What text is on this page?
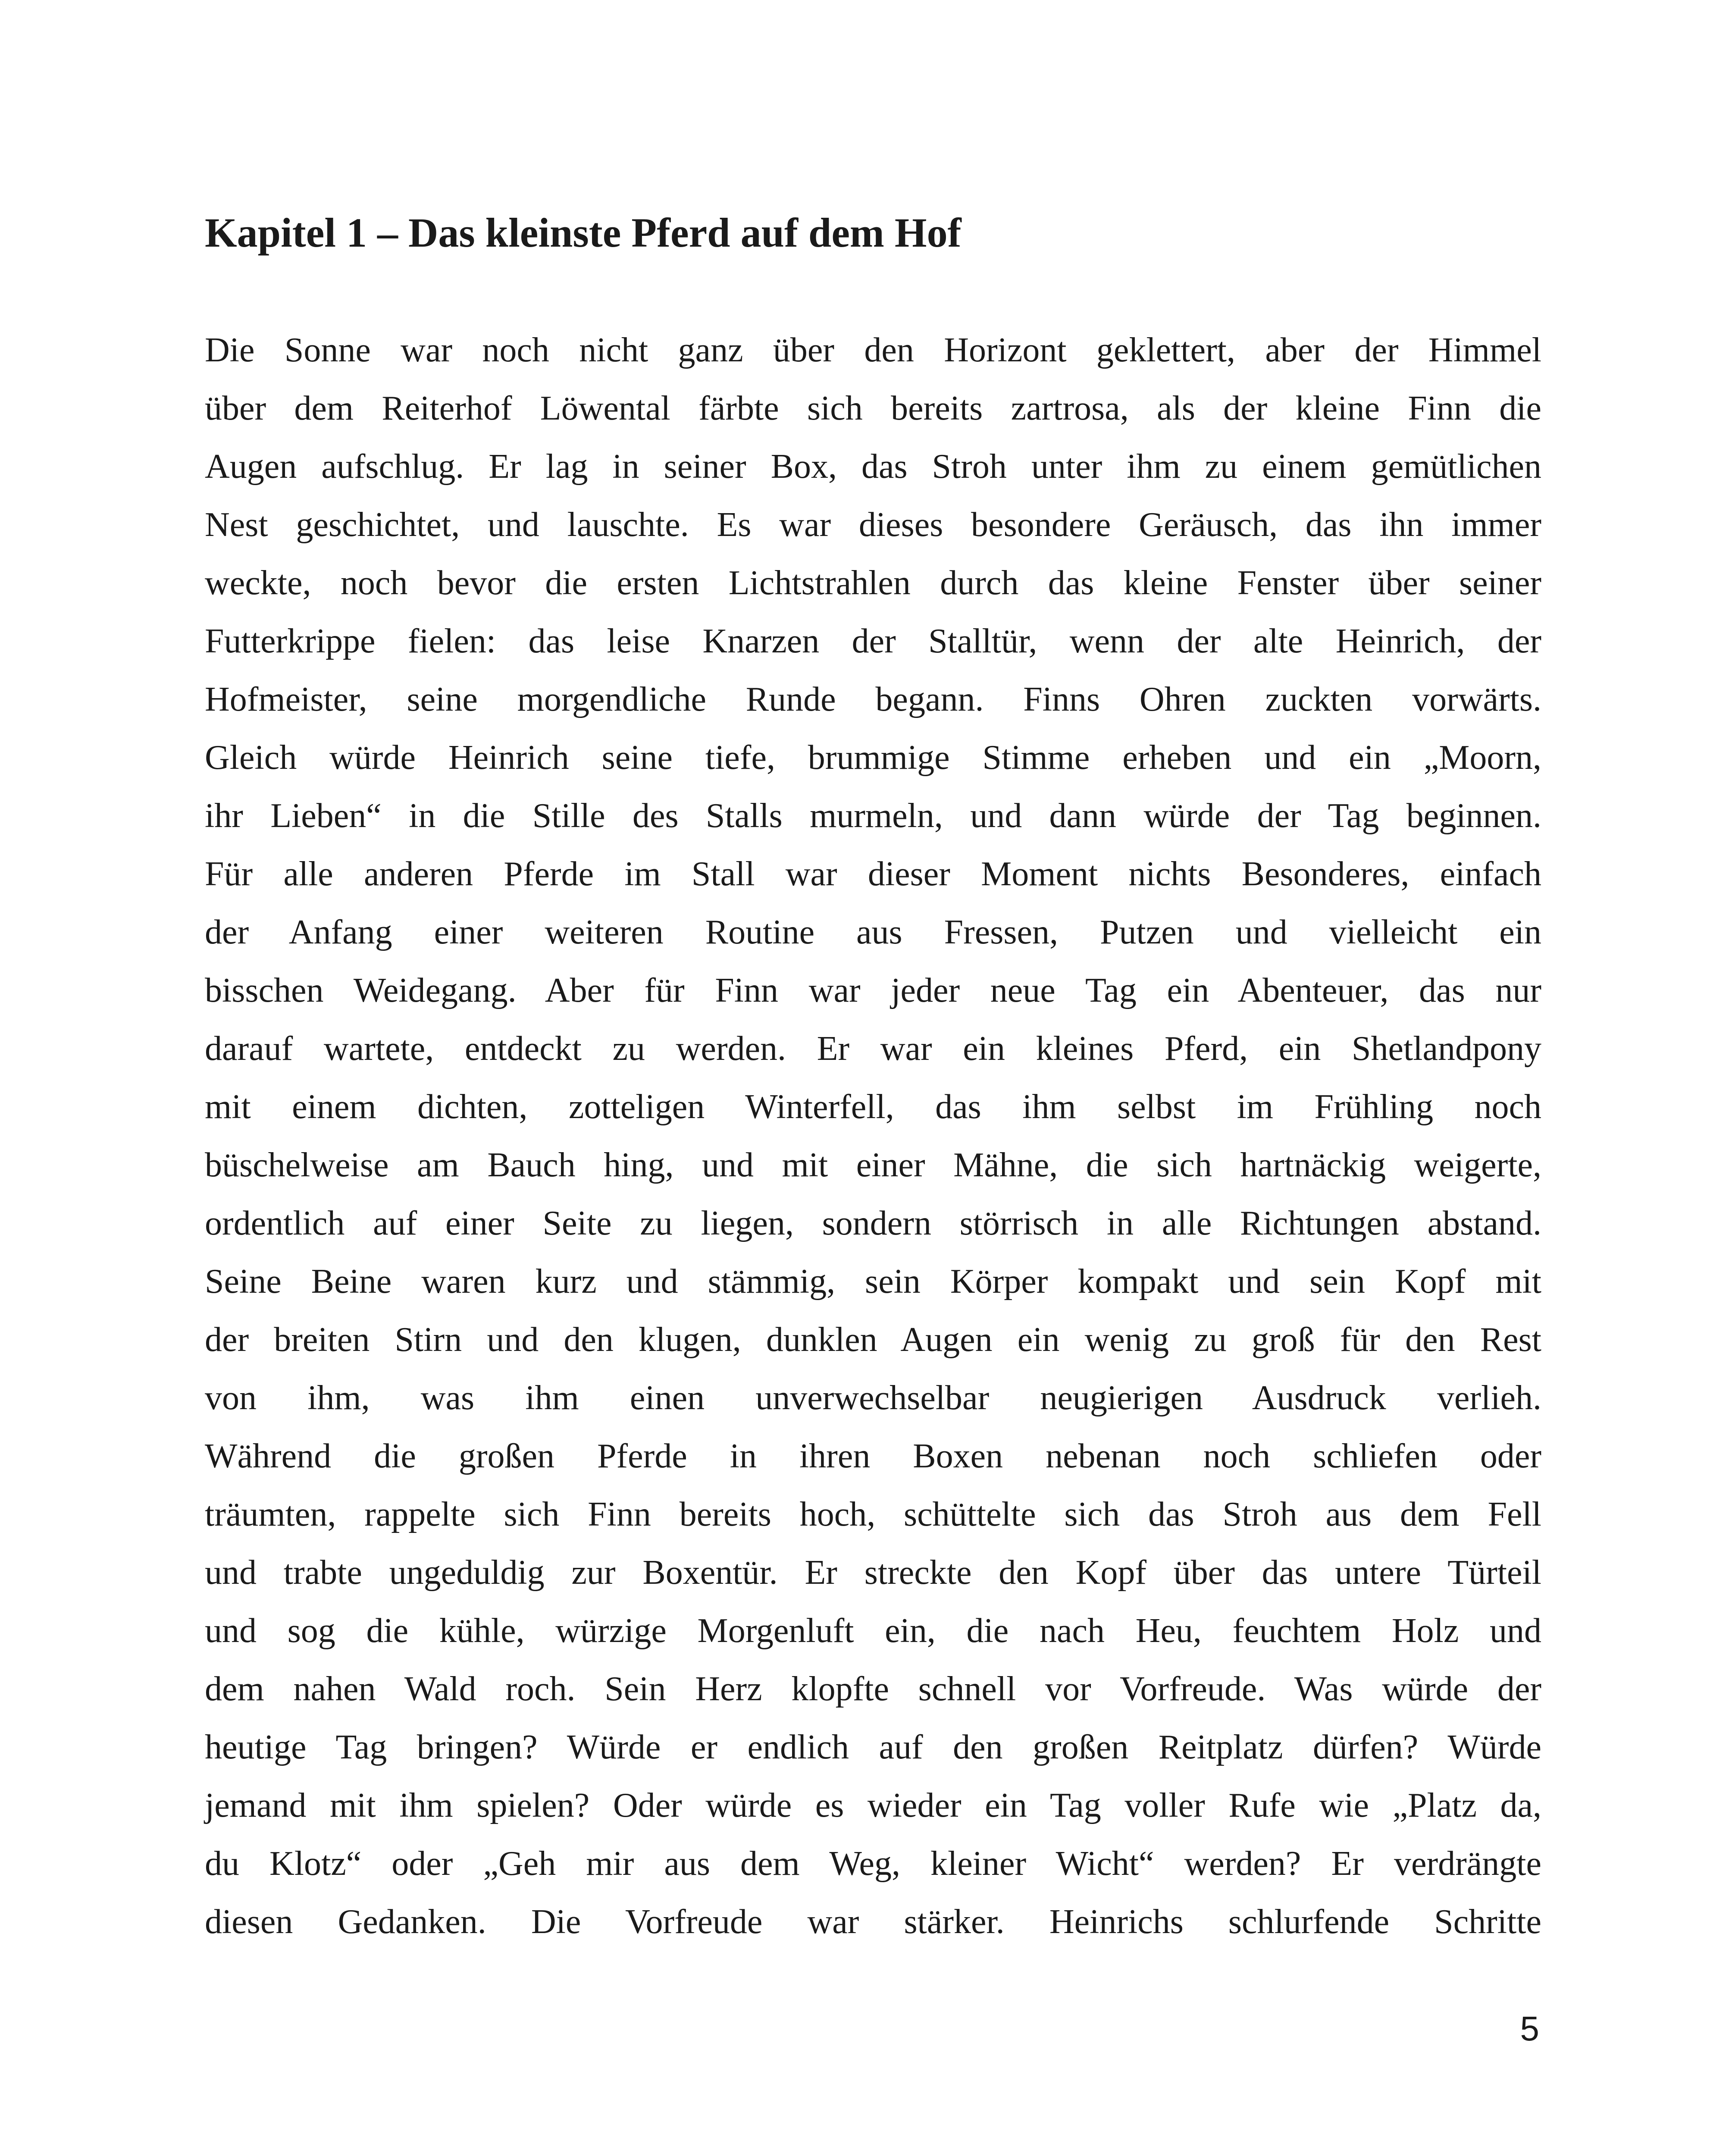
Kapitel 1 – Das kleinste Pferd auf dem Hof
Die Sonne war noch nicht ganz über den Horizont geklettert, aber der Himmel
über dem Reiterhof Löwental färbte sich bereits zartrosa, als der kleine Finn die
Augen aufschlug. Er lag in seiner Box, das Stroh unter ihm zu einem gemütlichen
Nest geschichtet, und lauschte. Es war dieses besondere Geräusch, das ihn immer
weckte, noch bevor die ersten Lichtstrahlen durch das kleine Fenster über seiner
Futterkrippe fielen: das leise Knarzen der Stalltür, wenn der alte Heinrich, der
Hofmeister, seine morgendliche Runde begann. Finns Ohren zuckten vorwärts.
Gleich würde Heinrich seine tiefe, brummige Stimme erheben und ein „Moorn,
ihr Lieben“ in die Stille des Stalls murmeln, und dann würde der Tag beginnen.
Für alle anderen Pferde im Stall war dieser Moment nichts Besonderes, einfach
der Anfang einer weiteren Routine aus Fressen, Putzen und vielleicht ein
bisschen Weidegang. Aber für Finn war jeder neue Tag ein Abenteuer, das nur
darauf wartete, entdeckt zu werden. Er war ein kleines Pferd, ein Shetlandpony
mit einem dichten, zotteligen Winterfell, das ihm selbst im Frühling noch
büschelweise am Bauch hing, und mit einer Mähne, die sich hartnäckig weigerte,
ordentlich auf einer Seite zu liegen, sondern störrisch in alle Richtungen abstand.
Seine Beine waren kurz und stämmig, sein Körper kompakt und sein Kopf mit
der breiten Stirn und den klugen, dunklen Augen ein wenig zu groß für den Rest
von ihm, was ihm einen unverwechselbar neugierigen Ausdruck verlieh.
Während die großen Pferde in ihren Boxen nebenan noch schliefen oder
träumten, rappelte sich Finn bereits hoch, schüttelte sich das Stroh aus dem Fell
und trabte ungeduldig zur Boxentür. Er streckte den Kopf über das untere Türteil
und sog die kühle, würzige Morgenluft ein, die nach Heu, feuchtem Holz und
dem nahen Wald roch. Sein Herz klopfte schnell vor Vorfreude. Was würde der
heutige Tag bringen? Würde er endlich auf den großen Reitplatz dürfen? Würde
jemand mit ihm spielen? Oder würde es wieder ein Tag voller Rufe wie „Platz da,
du Klotz“ oder „Geh mir aus dem Weg, kleiner Wicht“ werden? Er verdrängte
diesen Gedanken. Die Vorfreude war stärker. Heinrichs schlurfende Schritte
5
